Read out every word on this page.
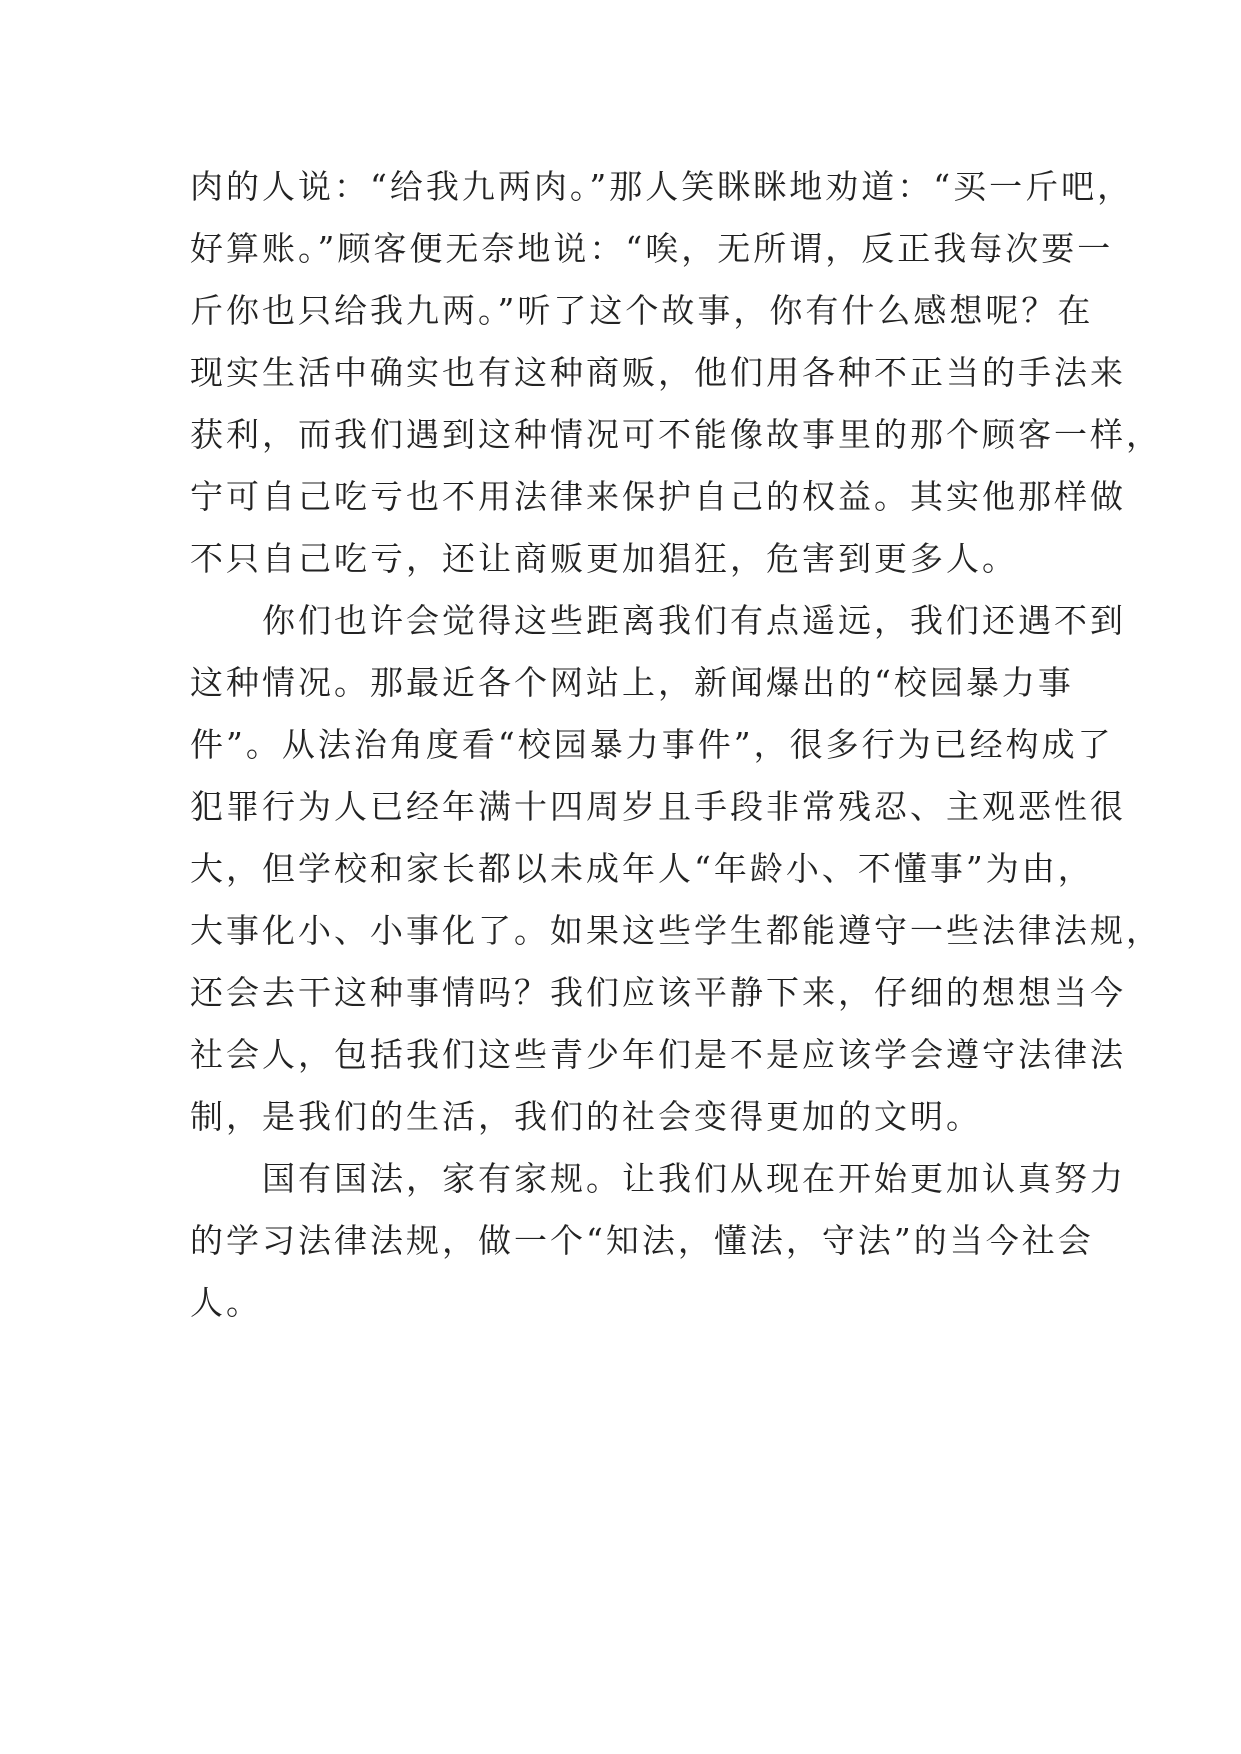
肉的人说：“给我九两肉。”那人笑眯眯地劝道：“买一斤吧，
好算账。”顾客便无奈地说：“唉，无所谓，反正我每次要一
斤你也只给我九两。”听了这个故事，你有什么感想呢？在
现实生活中确实也有这种商贩，他们用各种不正当的手法来
获利，而我们遇到这种情况可不能像故事里的那个顾客一样，
宁可自己吃亏也不用法律来保护自己的权益。其实他那样做
不只自己吃亏，还让商贩更加猖狂，危害到更多人。
你们也许会觉得这些距离我们有点遥远，我们还遇不到
这种情况。那最近各个网站上，新闻爆出的“校园暴力事
件”。从法治角度看“校园暴力事件”，很多行为已经构成了
犯罪行为人已经年满十四周岁且手段非常残忍、主观恶性很
大，但学校和家长都以未成年人“年龄小、不懂事”为由，
大事化小、小事化了。如果这些学生都能遵守一些法律法规，
还会去干这种事情吗？我们应该平静下来，仔细的想想当今
社会人，包括我们这些青少年们是不是应该学会遵守法律法
制，是我们的生活，我们的社会变得更加的文明。
国有国法，家有家规。让我们从现在开始更加认真努力
的学习法律法规，做一个“知法，懂法，守法”的当今社会
人。
